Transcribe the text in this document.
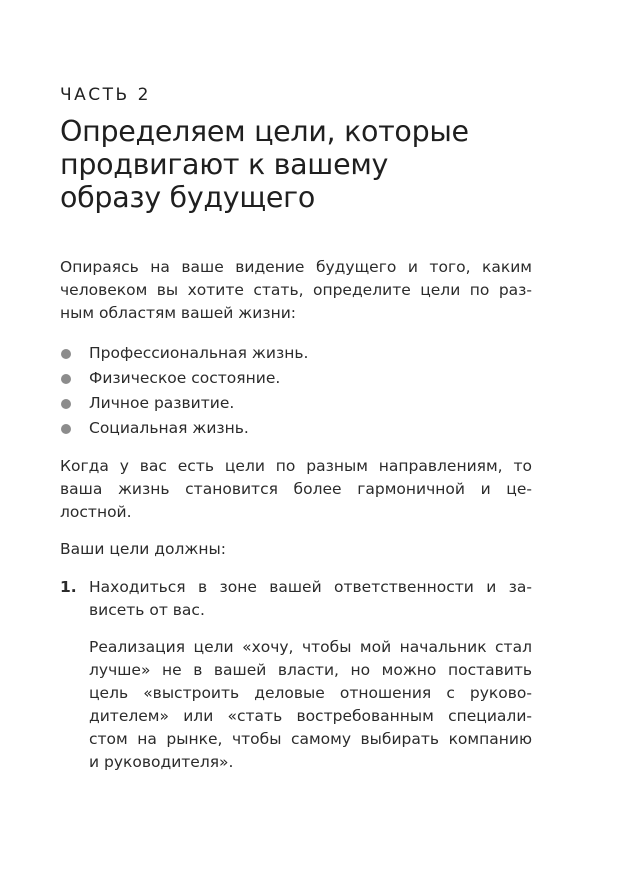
ЧАСТЬ 2
Определяем цели, которые
продвигают к вашему
образу будущего
Опираясь на ваше видение будущего и того, каким
человеком вы хотите стать, определите цели по раз-
ным областям вашей жизни:
Профессиональная жизнь.
Физическое состояние.
Личное развитие.
Социальная жизнь.
Когда у вас есть цели по разным направлениям, то
ваша жизнь становится более гармоничной и це-
лостной.
Ваши цели должны:
1. Находиться в зоне вашей ответственности и за-
висеть от вас.
Реализация цели «хочу, чтобы мой начальник стал
лучше» не в вашей власти, но можно поставить
цель «выстроить деловые отношения с руково-
дителем» или «стать востребованным специали-
стом на рынке, чтобы самому выбирать компанию
и руководителя».
